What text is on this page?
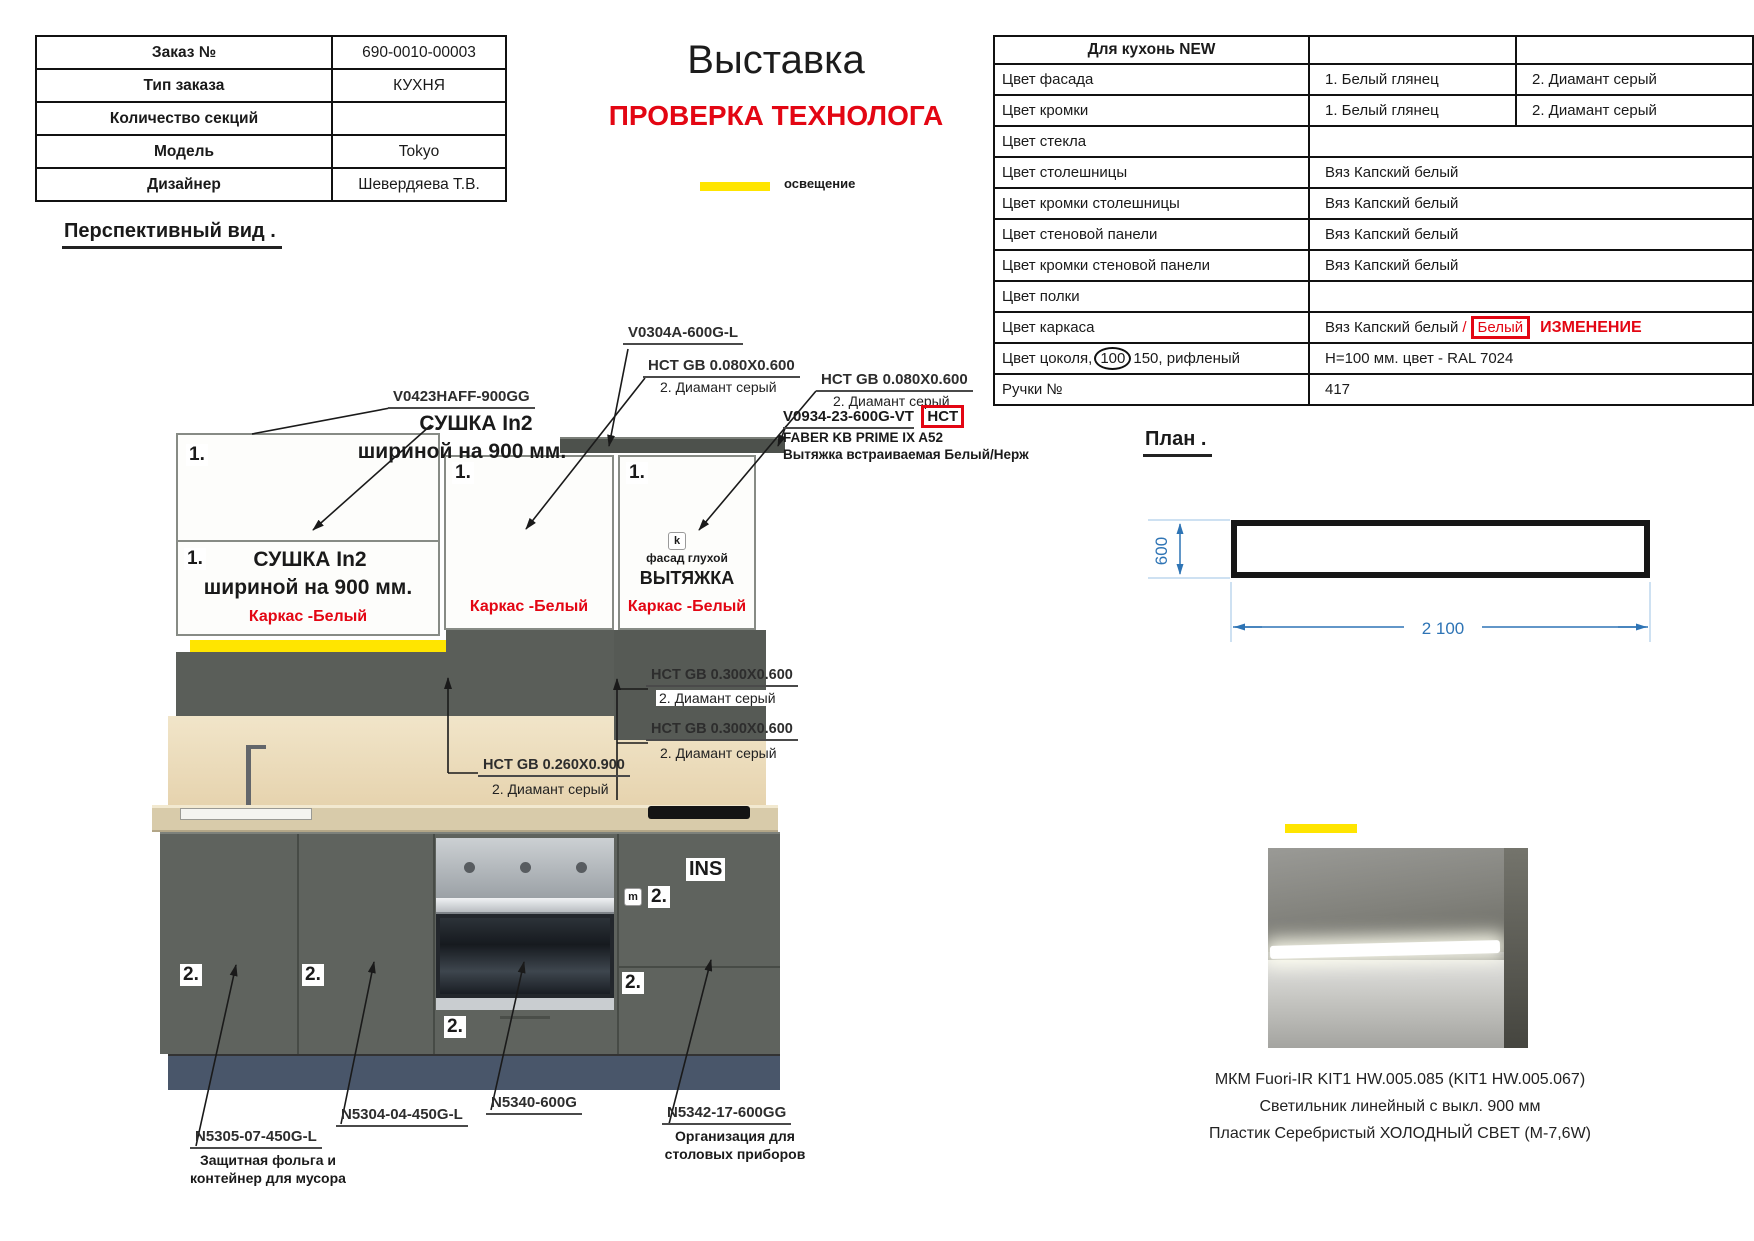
Заказ №	690-0010-00003
Тип заказа	КУХНЯ
Количество секций	
Модель	Tokyo
Дизайнер	Шевердяева Т.В.
Выставка
ПРОВЕРКА ТЕХНОЛОГА
освещение
Для кухонь NEW		
Цвет фасада	1. Белый глянец	2. Диамант серый
Цвет кромки	1. Белый глянец	2. Диамант серый
Цвет стекла		
Цвет столешницы	Вяз Капский белый	
Цвет кромки столешницы	Вяз Капский белый	
Цвет стеновой панели	Вяз Капский белый	
Цвет кромки стеновой панели	Вяз Капский белый	
Цвет полки		
Цвет каркаса	Вяз Капский белый / Белый ИЗМЕНЕНИЕ	
Цвет цоколя, 100 150, рифленый	H=100 мм. цвет - RAL 7024	
Ручки №	417	
Перспективный вид .
План .
1.
1.	СУШКА In2
шириной на 900 мм.
Каркас -Белый
1.
Каркас -Белый
1.
k
фасад глухой
ВЫТЯЖКА
Каркас -Белый
2.	2.
2.
2.
2.
m
INS
V0423HAFF-900GG
СУШКА In2
шириной на 900 мм.
V0304A-600G-L
HCT GB 0.080X0.600
2. Диамант серый	HCT GB 0.080X0.600
2. Диамант серый
V0934-23-600G-VT HCT
FABER KB PRIME IX A52
Вытяжка встраиваемая Белый/Нерж
HCT GB 0.300X0.600
2. Диамант серый
HCT GB 0.300X0.600
2. Диамант серый
HCT GB 0.260X0.900
2. Диамант серый
N5340-600G
N5304-04-450G-L	N5342-17-600GG
Организация для
столовых приборов
N5305-07-450G-L
Защитная фольга и
контейнер для мусора
МКМ Fuori-IR KIT1 HW.005.085 (KIT1 HW.005.067)
Светильник линейный с выкл. 900 мм
Пластик Серебристый ХОЛОДНЫЙ СВЕТ (M-7,6W)
600
2 100
